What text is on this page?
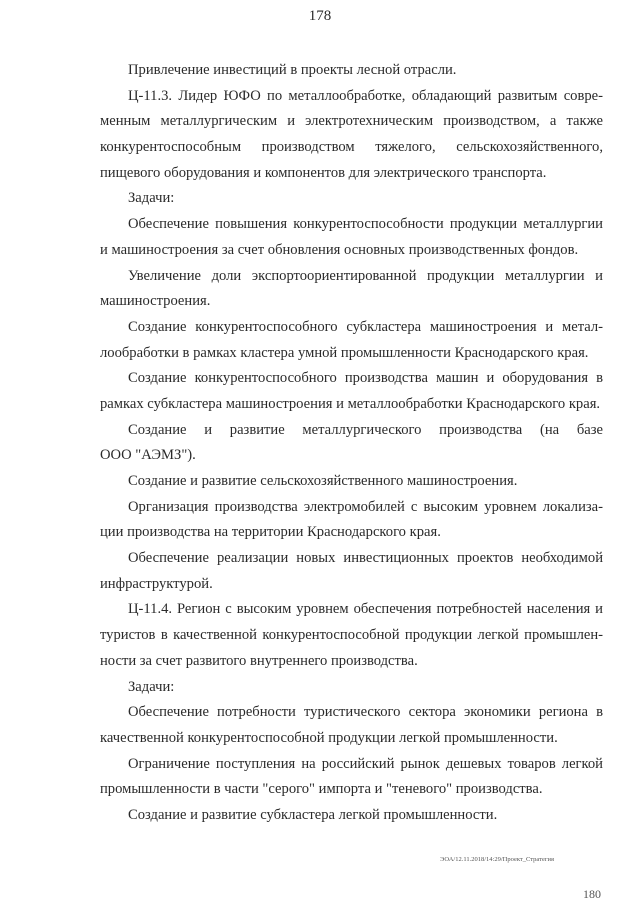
178
Привлечение инвестиций в проекты лесной отрасли.
Ц-11.3. Лидер ЮФО по металлообработке, обладающий развитым совре-
менным металлургическим и электротехническим производством, а также
конкурентоспособным производством тяжелого, сельскохозяйственного,
пищевого оборудования и компонентов для электрического транспорта.
Задачи:
Обеспечение повышения конкурентоспособности продукции металлургии
и машиностроения за счет обновления основных производственных фондов.
Увеличение доли экспортоориентированной продукции металлургии и
машиностроения.
Создание конкурентоспособного субкластера машиностроения и метал-
лообработки в рамках кластера умной промышленности Краснодарского края.
Создание конкурентоспособного производства машин и оборудования в
рамках субкластера машиностроения и металлообработки Краснодарского края.
Создание и развитие металлургического производства (на базе
ООО "АЭМЗ").
Создание и развитие сельскохозяйственного машиностроения.
Организация производства электромобилей с высоким уровнем локализа-
ции производства на территории Краснодарского края.
Обеспечение реализации новых инвестиционных проектов необходимой
инфраструктурой.
Ц-11.4. Регион с высоким уровнем обеспечения потребностей населения и
туристов в качественной конкурентоспособной продукции легкой промышлен-
ности за счет развитого внутреннего производства.
Задачи:
Обеспечение потребности туристического сектора экономики региона в
качественной конкурентоспособной продукции легкой промышленности.
Ограничение поступления на российский рынок дешевых товаров легкой
промышленности в части "серого" импорта и "теневого" производства.
Создание и развитие субкластера легкой промышленности.
ЭОА/12.11.2018/14:29/Проект_Стратегия
180
